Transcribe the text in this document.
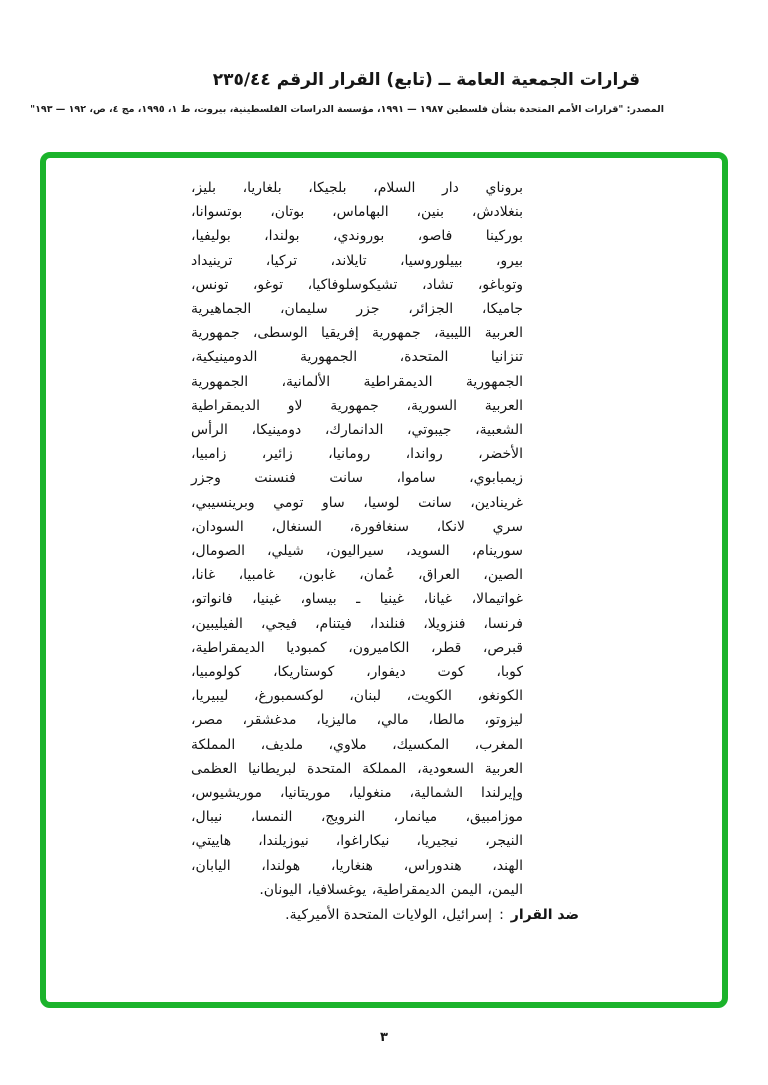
قرارات الجمعية العامة ــ (تابع) القرار الرقم ٢٣٥/٤٤
المصدر: "قرارات الأمم المتحدة بشأن فلسطين ١٩٨٧ — ١٩٩١، مؤسسة الدراسات الفلسطينية، بيروت، ط ١، ١٩٩٥، مج ٤، ص، ١٩٢ — ١٩٣"
بروناي دار السلام، بلجيكا، بلغاريا، بليز،
بنغلادش، بنين، البهاماس، بوتان، بوتسوانا،
بوركينا فاصو، بوروندي، بولندا، بوليفيا،
بيرو، بييلوروسيا، تايلاند، تركيا، ترينيداد
وتوباغو، تشاد، تشيكوسلوفاكيا، توغو، تونس،
جاميكا، الجزائر، جزر سليمان، الجماهيرية
العربية الليبية، جمهورية إفريقيا الوسطى، جمهورية
تنزانيا المتحدة، الجمهورية الدومينيكية،
الجمهورية الديمقراطية الألمانية، الجمهورية
العربية السورية، جمهورية لاو الديمقراطية
الشعبية، جيبوتي، الدانمارك، دومينيكا، الرأس
الأخضر، رواندا، رومانيا، زائير، زامبيا،
زيمبابوي، ساموا، سانت فنسنت وجزر
غرينادين، سانت لوسيا، ساو تومي وبرينسيبي،
سري لانكا، سنغافورة، السنغال، السودان،
سورينام، السويد، سيراليون، شيلي، الصومال،
الصين، العراق، عُمان، غابون، غامبيا، غانا،
غواتيمالا، غيانا، غينيا ـ بيساو، غينيا، فانواتو،
فرنسا، فنزويلا، فنلندا، فيتنام، فيجي، الفيليبين،
قبرص، قطر، الكاميرون، كمبوديا الديمقراطية،
كوبا، كوت ديفوار، كوستاريكا، كولومبيا،
الكونغو، الكويت، لبنان، لوكسمبورغ، ليبيريا،
ليزوتو، مالطا، مالي، ماليزيا، مدغشقر، مصر،
المغرب، المكسيك، ملاوي، ملديف، المملكة
العربية السعودية، المملكة المتحدة لبريطانيا العظمى
وإيرلندا الشمالية، منغوليا، موريتانيا، موريشيوس،
موزامبيق، ميانمار، النرويج، النمسا، نيبال،
النيجر، نيجيريا، نيكاراغوا، نيوزيلندا، هاييتي،
الهند، هندوراس، هنغاريا، هولندا، اليابان،
اليمن، اليمن الديمقراطية، يوغسلافيا، اليونان.
ضد القرار:إسرائيل، الولايات المتحدة الأميركية.
٣
